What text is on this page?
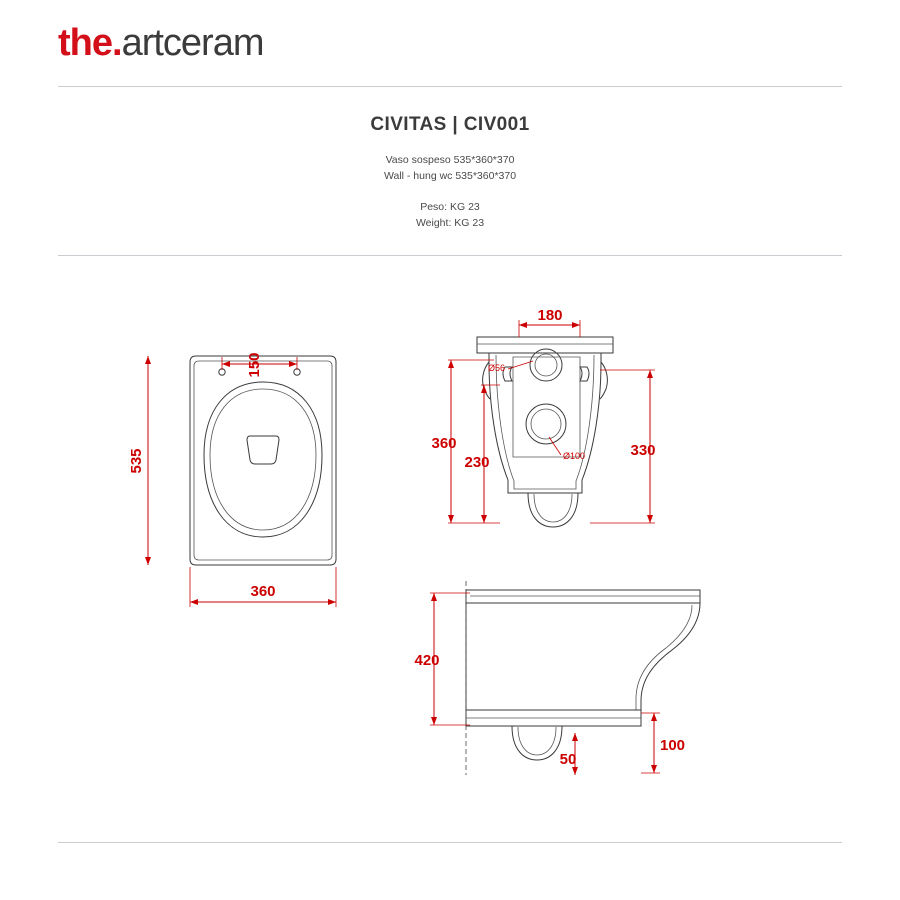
the.artceram
CIVITAS | CIV001
Vaso sospeso 535*360*370
Wall - hung wc 535*360*370
Peso: KG 23
Weight: KG 23
150
535
360
180
Ø56
Ø100
360
230
330
420
100
50
